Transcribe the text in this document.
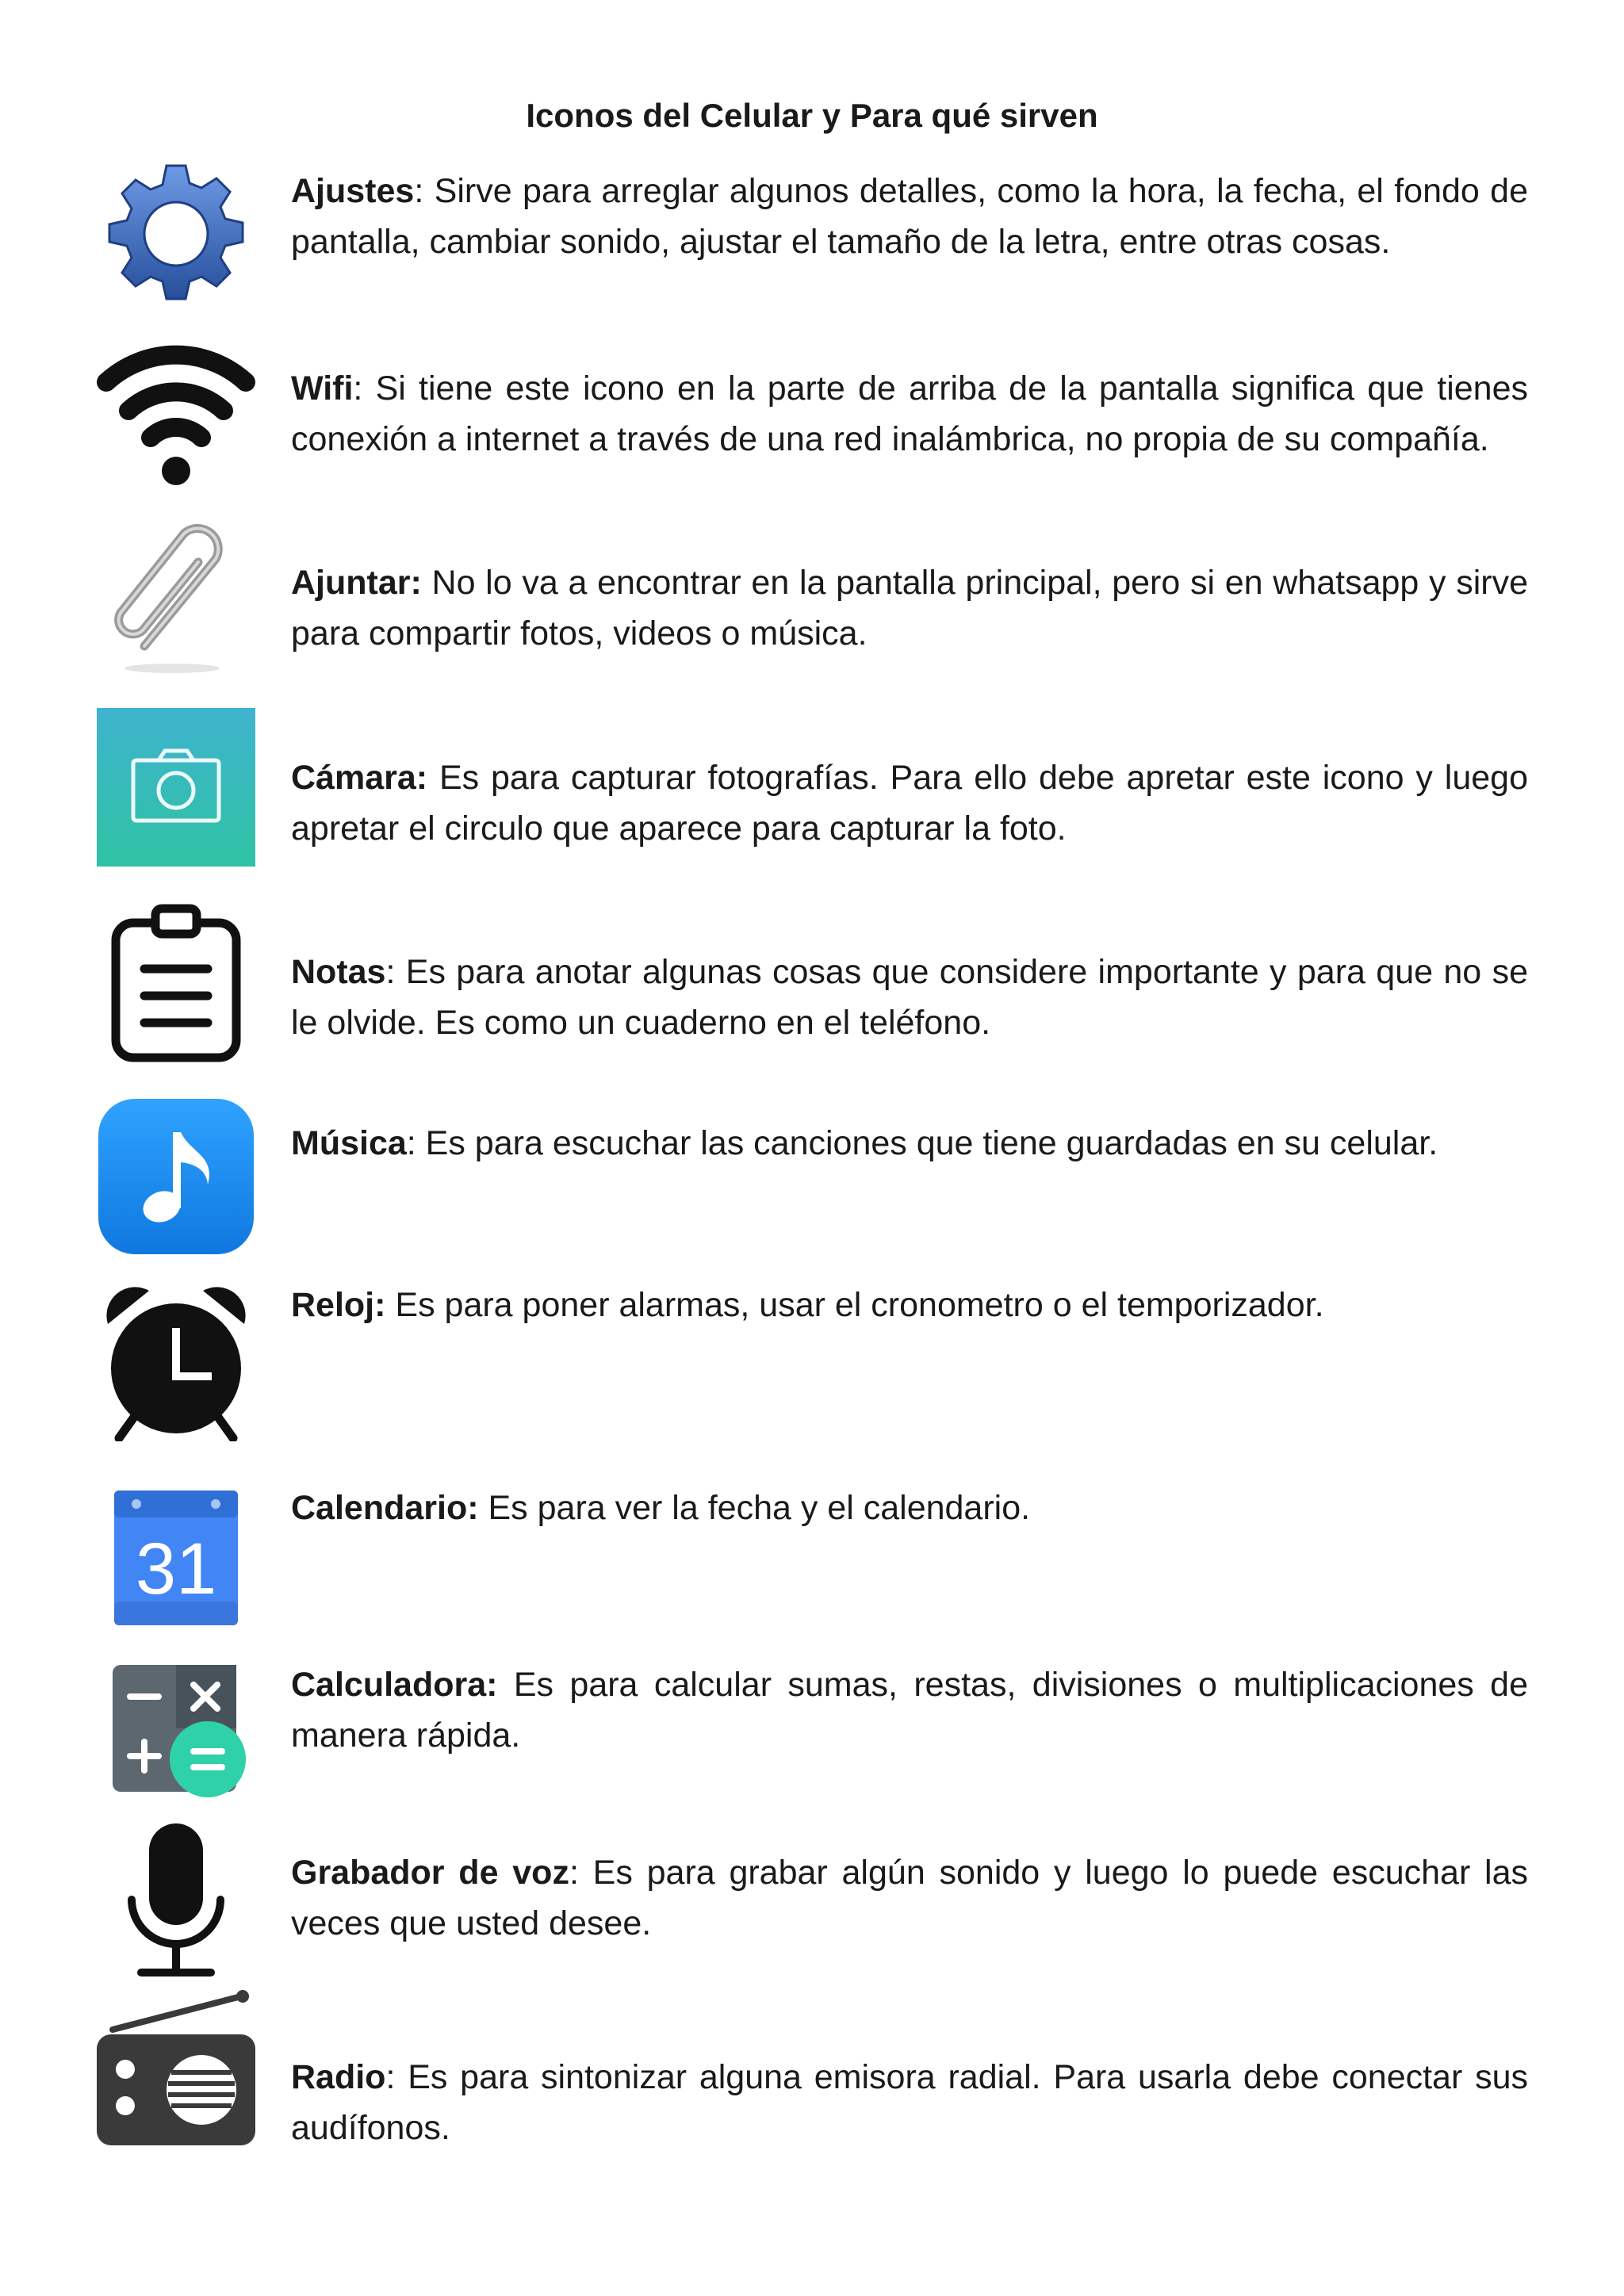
Iconos del Celular y Para qué sirven
Ajustes: Sirve para arreglar algunos detalles, como la hora, la fecha, el fondo de pantalla, cambiar sonido, ajustar el tamaño de la letra, entre otras cosas.
Wifi: Si tiene este icono en la parte de arriba de la pantalla significa que tienes conexión a internet a través de una red inalámbrica, no propia de su compañía.
Ajuntar: No lo va a encontrar en la pantalla principal, pero si en whatsapp y sirve para compartir fotos, videos o música.
Cámara: Es para capturar fotografías. Para ello debe apretar este icono y luego apretar el circulo que aparece para capturar la foto.
Notas: Es para anotar algunas cosas que considere importante y para que no se le olvide. Es como un cuaderno en el teléfono.
Música: Es para escuchar las canciones que tiene guardadas en su celular.
Reloj: Es para poner alarmas, usar el cronometro o el temporizador.
31
Calendario: Es para ver la fecha y el calendario.
Calculadora: Es para calcular sumas, restas, divisiones o multiplicaciones de manera rápida.
Grabador de voz: Es para grabar algún sonido y luego lo puede escuchar las veces que usted desee.
Radio: Es para sintonizar alguna emisora radial. Para usarla debe conectar sus audífonos.
